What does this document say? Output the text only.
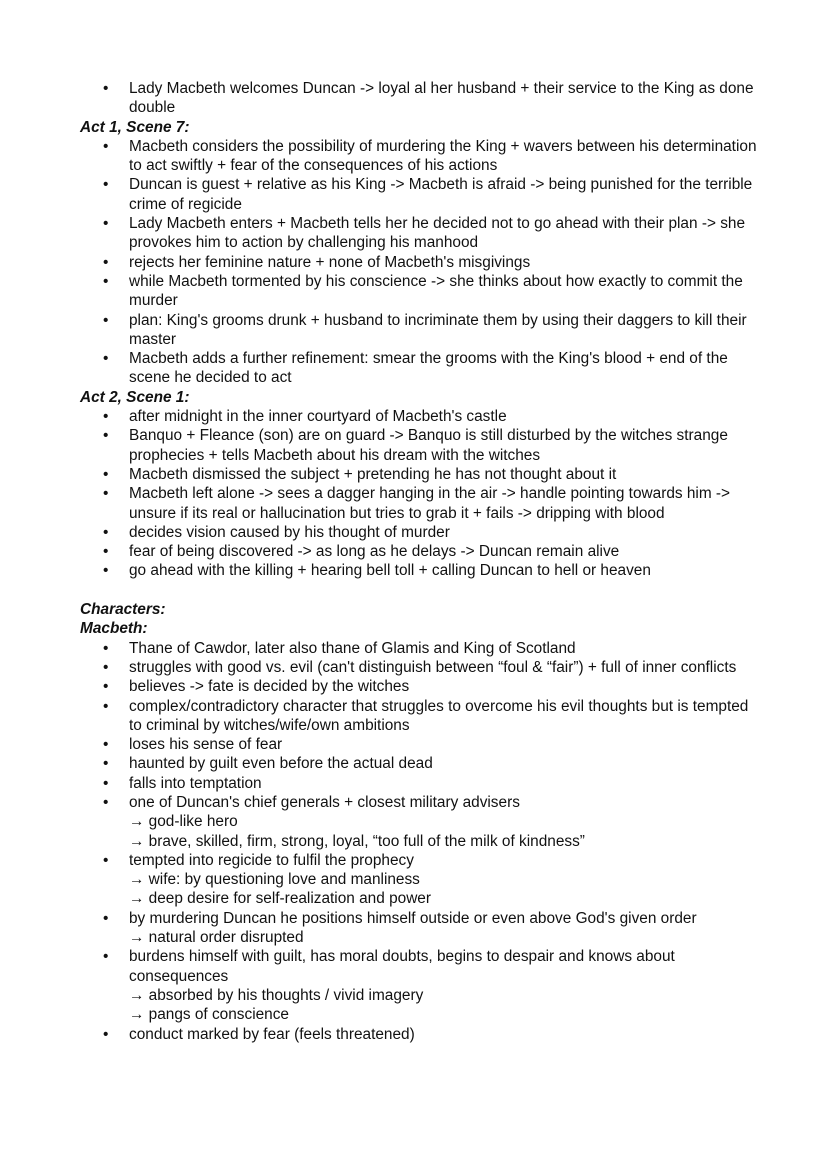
• Lady Macbeth welcomes Duncan -> loyal al her husband + their service to the King as done double
Act 1, Scene 7:
• Macbeth considers the possibility of murdering the King + wavers between his determination to act swiftly + fear of the consequences of his actions
• Duncan is guest + relative as his King -> Macbeth is afraid -> being punished for the terrible crime of regicide
• Lady Macbeth enters + Macbeth tells her he decided not to go ahead with their plan -> she provokes him to action by challenging his manhood
• rejects her feminine nature + none of Macbeth's misgivings
• while Macbeth tormented by his conscience -> she thinks about how exactly to commit the murder
• plan: King's grooms drunk + husband to incriminate them by using their daggers to kill their master
• Macbeth adds a further refinement: smear the grooms with the King's blood + end of the scene he decided to act
Act 2, Scene 1:
• after midnight in the inner courtyard of Macbeth's castle
• Banquo + Fleance (son) are on guard -> Banquo is still disturbed by the witches strange prophecies + tells Macbeth about his dream with the witches
• Macbeth dismissed the subject + pretending he has not thought about it
• Macbeth left alone -> sees a dagger hanging in the air -> handle pointing towards him -> unsure if its real or hallucination but tries to grab it + fails -> dripping with blood
• decides vision caused by his thought of murder
• fear of being discovered -> as long as he delays -> Duncan remain alive
• go ahead with the killing + hearing bell toll + calling Duncan to hell or heaven
Characters:
Macbeth:
• Thane of Cawdor, later also thane of Glamis and King of Scotland
• struggles with good vs. evil (can't distinguish between “foul & “fair”) + full of inner conflicts
• believes -> fate is decided by the witches
• complex/contradictory character that struggles to overcome his evil thoughts but is tempted to criminal by witches/wife/own ambitions
• loses his sense of fear
• haunted by guilt even before the actual dead
• falls into temptation
• one of Duncan's chief generals + closest military advisers
→ god-like hero
→ brave, skilled, firm, strong, loyal, “too full of the milk of kindness”
• tempted into regicide to fulfil the prophecy
→ wife: by questioning love and manliness
→ deep desire for self-realization and power
• by murdering Duncan he positions himself outside or even above God's given order
→ natural order disrupted
• burdens himself with guilt, has moral doubts, begins to despair and knows about consequences
→ absorbed by his thoughts / vivid imagery
→ pangs of conscience
• conduct marked by fear (feels threatened)
